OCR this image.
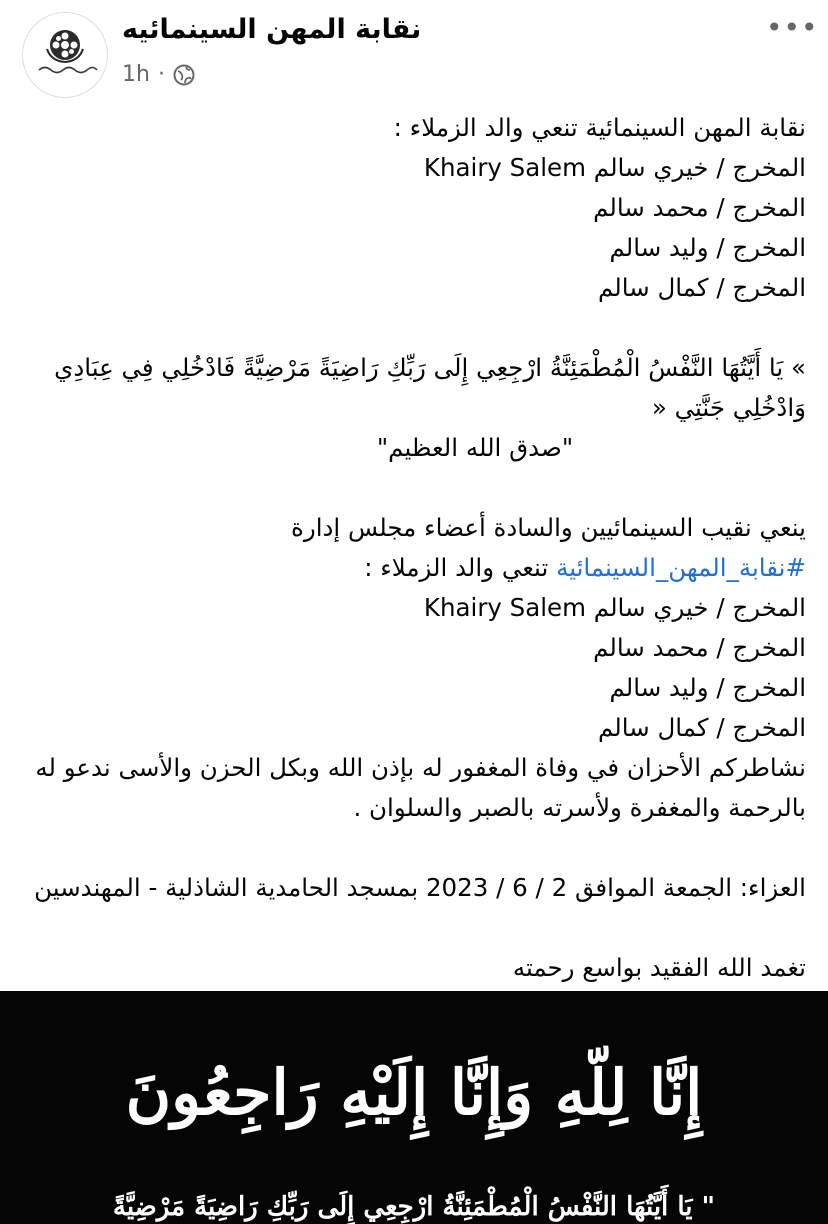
نقابة المهن السينمائيه
1h ·
•••
نقابة المهن السينمائية تنعي والد الزملاء :
المخرج / خيري سالم Khairy Salem
المخرج / محمد سالم
المخرج / وليد سالم
المخرج / كمال سالم
» يَا أَيَّتُهَا النَّفْسُ الْمُطْمَئِنَّةُ ارْجِعِي إِلَى رَبِّكِ رَاضِيَةً مَرْضِيَّةً فَادْخُلِي فِي عِبَادِي وَادْخُلِي جَنَّتِي «
"صدق الله العظيم"
ينعي نقيب السينمائيين والسادة أعضاء مجلس إدارة
#نقابة_المهن_السينمائية تنعي والد الزملاء :
المخرج / خيري سالم Khairy Salem
المخرج / محمد سالم
المخرج / وليد سالم
المخرج / كمال سالم
نشاطركم الأحزان في وفاة المغفور له بإذن الله وبكل الحزن والأسى ندعو له بالرحمة والمغفرة ولأسرته بالصبر والسلوان .
العزاء: الجمعة الموافق 2 / 6 / 2023 بمسجد الحامدية الشاذلية - المهندسين
تغمد الله الفقيد بواسع رحمته
إِنَّا لِلّهِ وَإِنَّا إِلَيْهِ رَاجِعُونَ
" يَا أَيَّتُهَا النَّفْسُ الْمُطْمَئِنَّةُ ارْجِعِي إِلَى رَبِّكِ رَاضِيَةً مَرْضِيَّةً
